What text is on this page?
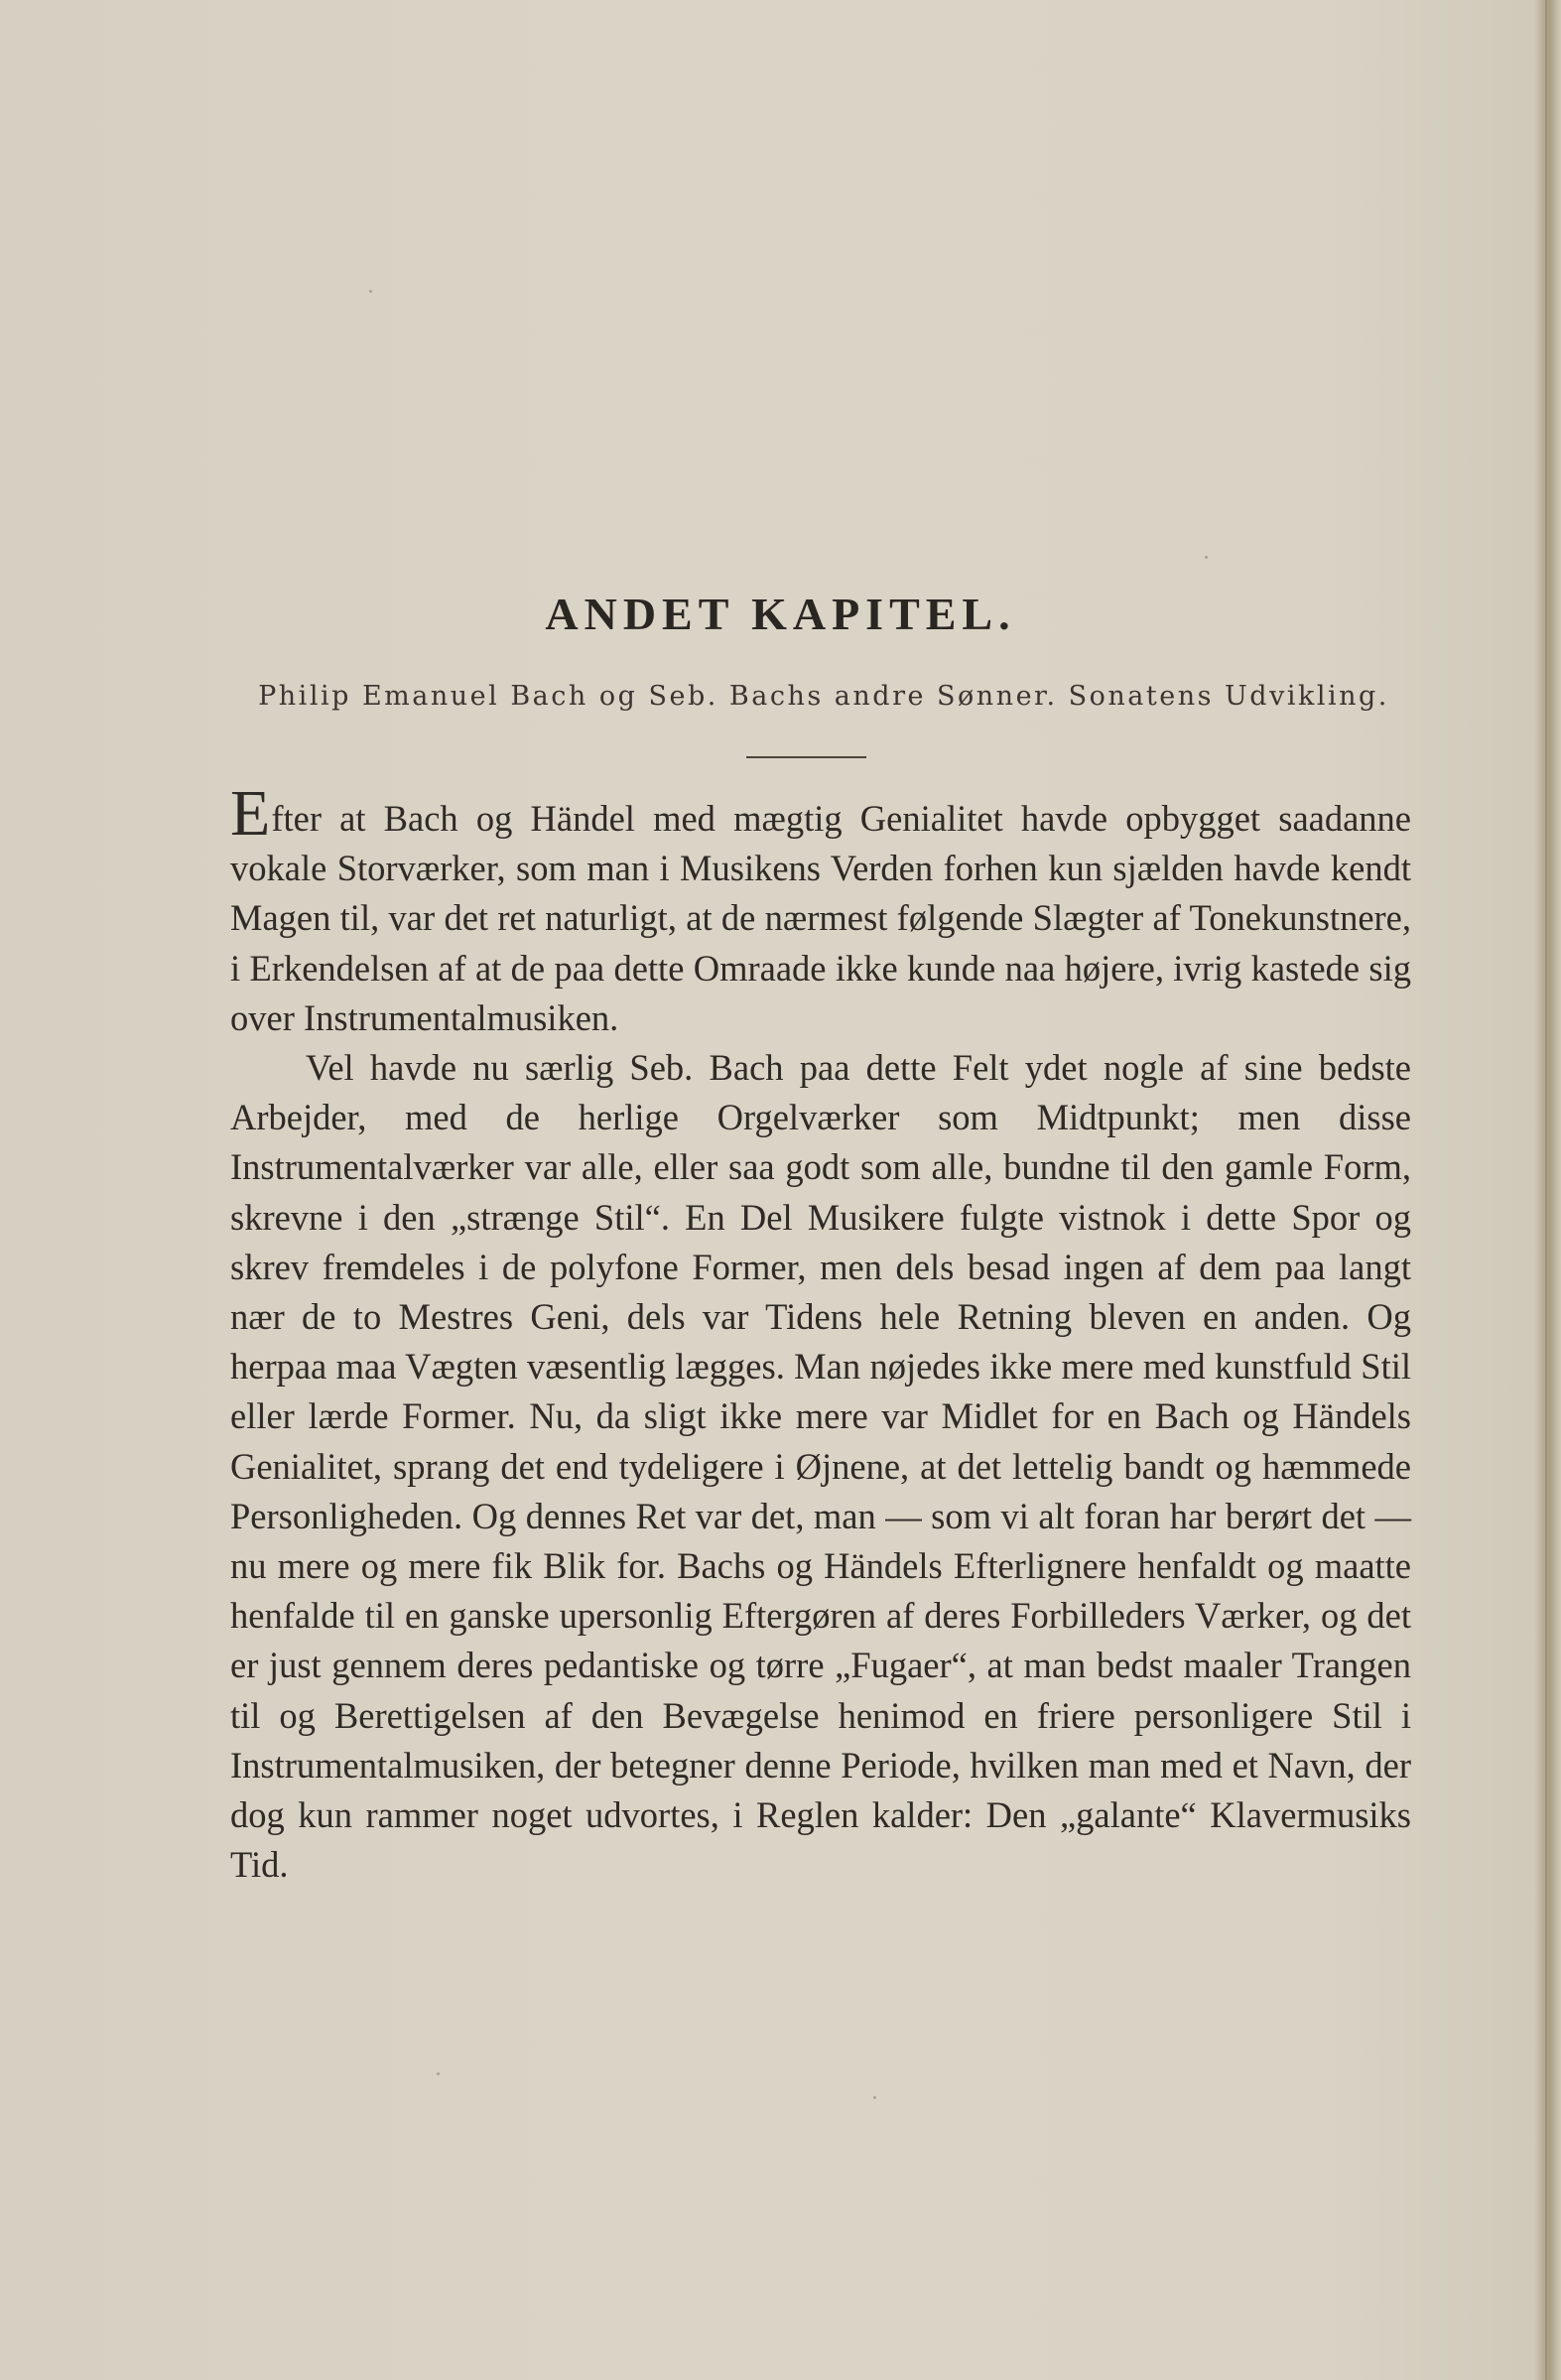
ANDET KAPITEL.
Philip Emanuel Bach og Seb. Bachs andre Sønner. Sonatens Udvikling.

Efter at Bach og Händel med mægtig Genialitet havde opbygget saadanne vokale Storværker, som man i Musikens Verden forhen kun sjælden havde kendt Magen til, var det ret naturligt, at de nærmest følgende Slægter af Tonekunstnere, i Erkendelsen af at de paa dette Omraade ikke kunde naa højere, ivrig kastede sig over Instrumentalmusiken.

Vel havde nu særlig Seb. Bach paa dette Felt ydet nogle af sine bedste Arbejder, med de herlige Orgelværker som Midtpunkt; men disse Instrumentalværker var alle, eller saa godt som alle, bundne til den gamle Form, skrevne i den „strænge Stil“. En Del Musikere fulgte vistnok i dette Spor og skrev fremdeles i de polyfone Former, men dels besad ingen af dem paa langt nær de to Mestres Geni, dels var Tidens hele Retning bleven en anden. Og herpaa maa Vægten væsentlig lægges. Man nøjedes ikke mere med kunstfuld Stil eller lærde Former. Nu, da sligt ikke mere var Midlet for en Bach og Händels Genialitet, sprang det end tydeligere i Øjnene, at det lettelig bandt og hæmmede Personligheden. Og dennes Ret var det, man — som vi alt foran har berørt det — nu mere og mere fik Blik for. Bachs og Händels Efterlignere henfaldt og maatte henfalde til en ganske upersonlig Eftergøren af deres Forbilleders Værker, og det er just gennem deres pedantiske og tørre „Fugaer“, at man bedst maaler Trangen til og Berettigelsen af den Bevægelse henimod en friere personligere Stil i Instrumentalmusiken, der betegner denne Periode, hvilken man med et Navn, der dog kun rammer noget udvortes, i Reglen kalder: Den „galante“ Klavermusiks Tid.
